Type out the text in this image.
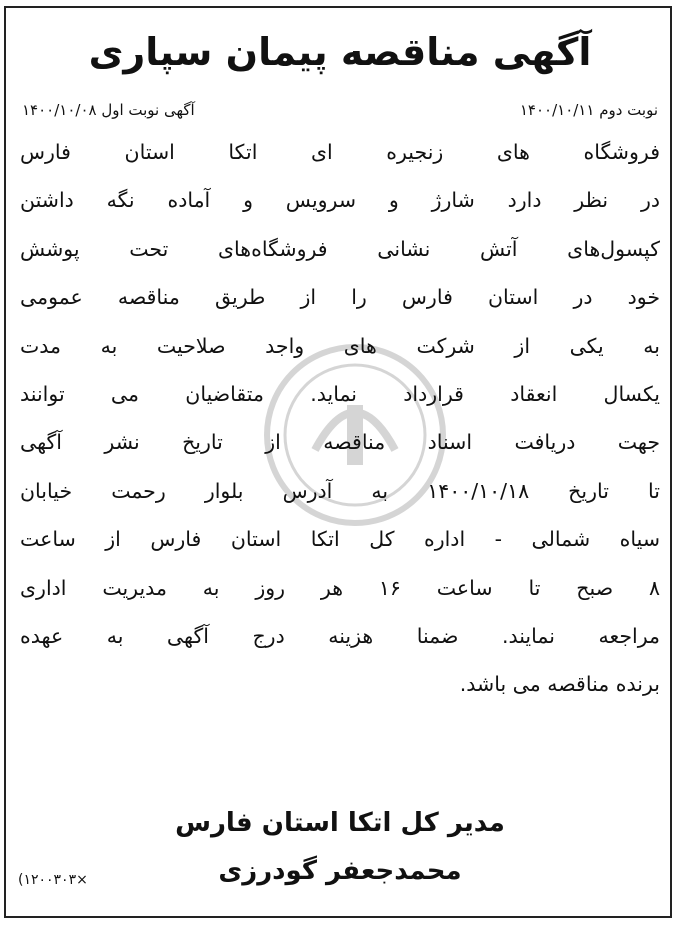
آگهی مناقصه پیمان سپاری
آگهی نوبت اول ۱۴۰۰/۱۰/۰۸	نوبت دوم ۱۴۰۰/۱۰/۱۱
فروشگاه های زنجیره ای اتکا استان فارس
در نظر دارد شارژ و سرویس و آماده نگه داشتن
کپسول‌های آتش نشانی فروشگاه‌های تحت پوشش
خود در استان فارس را از طریق مناقصه عمومی
به یکی از شرکت های واجد صلاحیت به مدت
یکسال انعقاد قرارداد نماید. متقاضیان می توانند
جهت دریافت اسناد مناقصه از تاریخ نشر آگهی
تا تاریخ ۱۴۰۰/۱۰/۱۸ به آدرس بلوار رحمت خیابان
سیاه شمالی - اداره کل اتکا استان فارس از ساعت
۸ صبح تا ساعت ۱۶ هر روز به مدیریت اداری
مراجعه نمایند. ضمنا هزینه درج آگهی به عهده
برنده مناقصه می باشد.
مدیر کل اتکا استان فارس
محمدجعفر گودرزی
(۱۲۰۰۳۰۳×
